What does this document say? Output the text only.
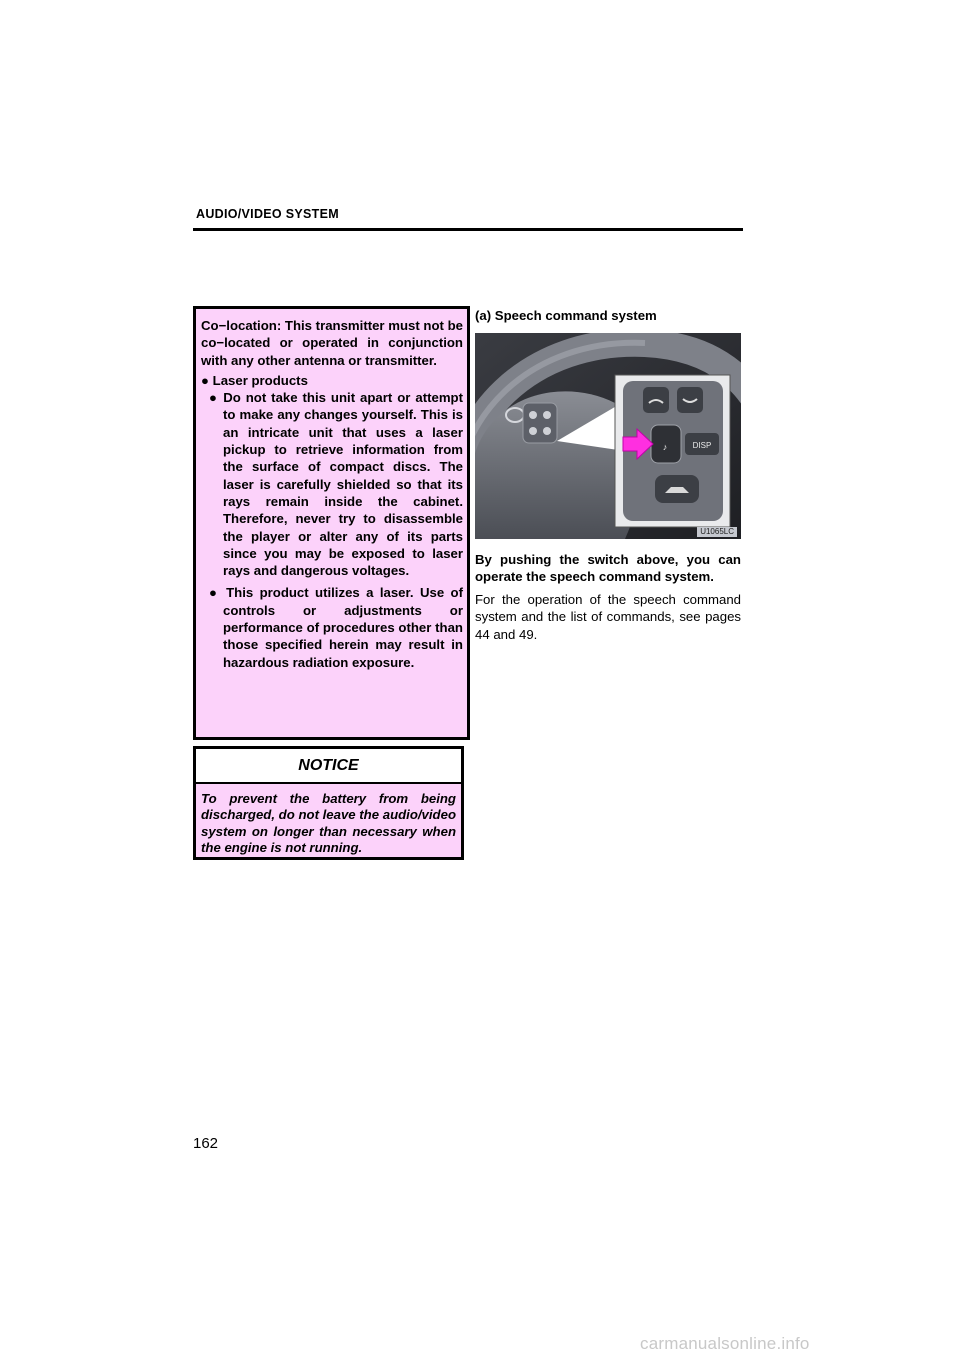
AUDIO/VIDEO SYSTEM

Co−location: This transmitter must not be co−located or operated in conjunction with any other antenna or transmitter.

● Laser products

● Do not take this unit apart or attempt to make any changes yourself. This is an intricate unit that uses a laser pickup to retrieve information from the surface of compact discs. The laser is carefully shielded so that its rays remain inside the cabinet. Therefore, never try to disassemble the player or alter any of its parts since you may be exposed to laser rays and dangerous voltages.

● This product utilizes a laser. Use of controls or adjustments or performance of procedures other than those specified herein may result in hazardous radiation exposure.

NOTICE
To prevent the battery from being discharged, do not leave the audio/video system on longer than necessary when the engine is not running.
(a) Speech command system
♪	DISP
U1065LC

By pushing the switch above, you can operate the speech command system.

For the operation of the speech command system and the list of commands, see pages 44 and 49.

162
carmanualsonline.info
